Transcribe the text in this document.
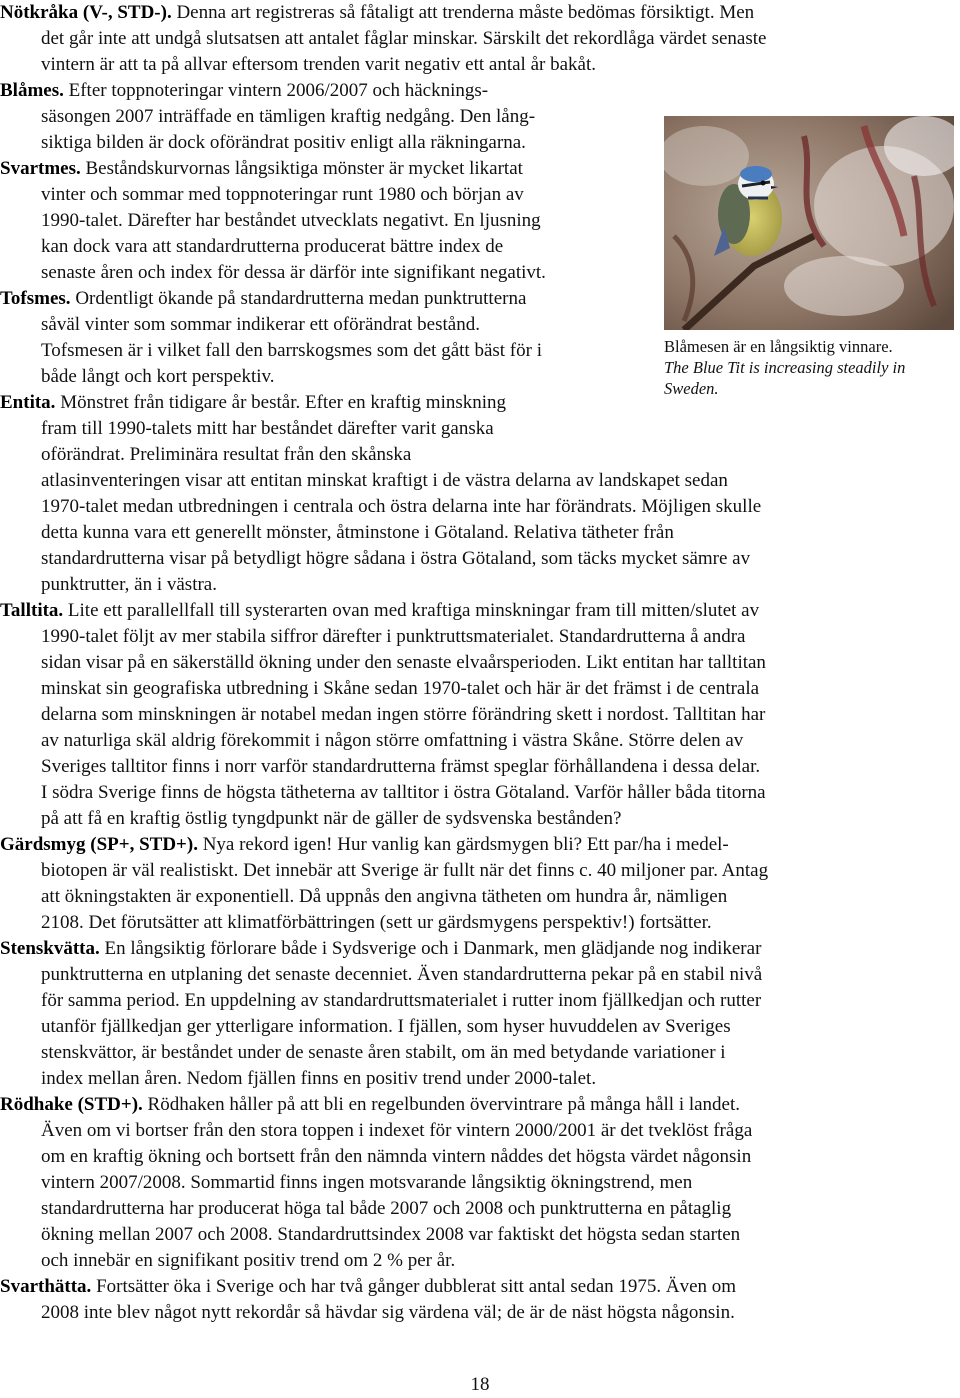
Nötkråka (V-, STD-). Denna art registreras så fåtaligt att trenderna måste bedömas försiktigt. Men
det går inte att undgå slutsatsen att antalet fåglar minskar. Särskilt det rekordlåga värdet senaste
vintern är att ta på allvar eftersom trenden varit negativ ett antal år bakåt.
Blåmes. Efter toppnoteringar vintern 2006/2007 och häcknings-
säsongen 2007 inträffade en tämligen kraftig nedgång. Den lång-
siktiga bilden är dock oförändrat positiv enligt alla räkningarna.
Svartmes. Beståndskurvornas långsiktiga mönster är mycket likartat
vinter och sommar med toppnoteringar runt 1980 och början av
1990-talet. Därefter har beståndet utvecklats negativt. En ljusning
kan dock vara att standardrutterna producerat bättre index de
senaste åren och index för dessa är därför inte signifikant negativt.
Tofsmes. Ordentligt ökande på standardrutterna medan punktrutterna
såväl vinter som sommar indikerar ett oförändrat bestånd.
Tofsmesen är i vilket fall den barrskogsmes som det gått bäst för i
både långt och kort perspektiv.
Entita. Mönstret från tidigare år består. Efter en kraftig minskning
fram till 1990-talets mitt har beståndet därefter varit ganska
oförändrat. Preliminära resultat från den skånska
atlasinventeringen visar att entitan minskat kraftigt i de västra delarna av landskapet sedan
1970-talet medan utbredningen i centrala och östra delarna inte har förändrats. Möjligen skulle
detta kunna vara ett generellt mönster, åtminstone i Götaland. Relativa tätheter från
standardrutterna visar på betydligt högre sådana i östra Götaland, som täcks mycket sämre av
punktrutter, än i västra.
Talltita. Lite ett parallellfall till systerarten ovan med kraftiga minskningar fram till mitten/slutet av
1990-talet följt av mer stabila siffror därefter i punktruttsmaterialet. Standardrutterna å andra
sidan visar på en säkerställd ökning under den senaste elvaårsperioden. Likt entitan har talltitan
minskat sin geografiska utbredning i Skåne sedan 1970-talet och här är det främst i de centrala
delarna som minskningen är notabel medan ingen större förändring skett i nordost. Talltitan har
av naturliga skäl aldrig förekommit i någon större omfattning i västra Skåne. Större delen av
Sveriges talltitor finns i norr varför standardrutterna främst speglar förhållandena i dessa delar.
I södra Sverige finns de högsta tätheterna av talltitor i östra Götaland. Varför håller båda titorna
på att få en kraftig östlig tyngdpunkt när de gäller de sydsvenska bestånden?
Gärdsmyg (SP+, STD+). Nya rekord igen! Hur vanlig kan gärdsmygen bli? Ett par/ha i medel-
biotopen är väl realistiskt. Det innebär att Sverige är fullt när det finns c. 40 miljoner par. Antag
att ökningstakten är exponentiell. Då uppnås den angivna tätheten om hundra år, nämligen
2108. Det förutsätter att klimatförbättringen (sett ur gärdsmygens perspektiv!) fortsätter.
Stenskvätta. En långsiktig förlorare både i Sydsverige och i Danmark, men glädjande nog indikerar
punktrutterna en utplaning det senaste decenniet. Även standardrutterna pekar på en stabil nivå
för samma period. En uppdelning av standardruttsmaterialet i rutter inom fjällkedjan och rutter
utanför fjällkedjan ger ytterligare information. I fjällen, som hyser huvuddelen av Sveriges
stenskvättor, är beståndet under de senaste åren stabilt, om än med betydande variationer i
index mellan åren. Nedom fjällen finns en positiv trend under 2000-talet.
Rödhake (STD+). Rödhaken håller på att bli en regelbunden övervintrare på många håll i landet.
Även om vi bortser från den stora toppen i indexet för vintern 2000/2001 är det tveklöst fråga
om en kraftig ökning och bortsett från den nämnda vintern nåddes det högsta värdet någonsin
vintern 2007/2008. Sommartid finns ingen motsvarande långsiktig ökningstrend, men
standardrutterna har producerat höga tal både 2007 och 2008 och punktrutterna en påtaglig
ökning mellan 2007 och 2008. Standardruttsindex 2008 var faktiskt det högsta sedan starten
och innebär en signifikant positiv trend om 2 % per år.
Svarthätta. Fortsätter öka i Sverige och har två gånger dubblerat sitt antal sedan 1975. Även om
2008 inte blev något nytt rekordår så hävdar sig värdena väl; de är de näst högsta någonsin.
Blåmesen är en långsiktig vinnare.
The Blue Tit is increasing steadily in Sweden.
18
